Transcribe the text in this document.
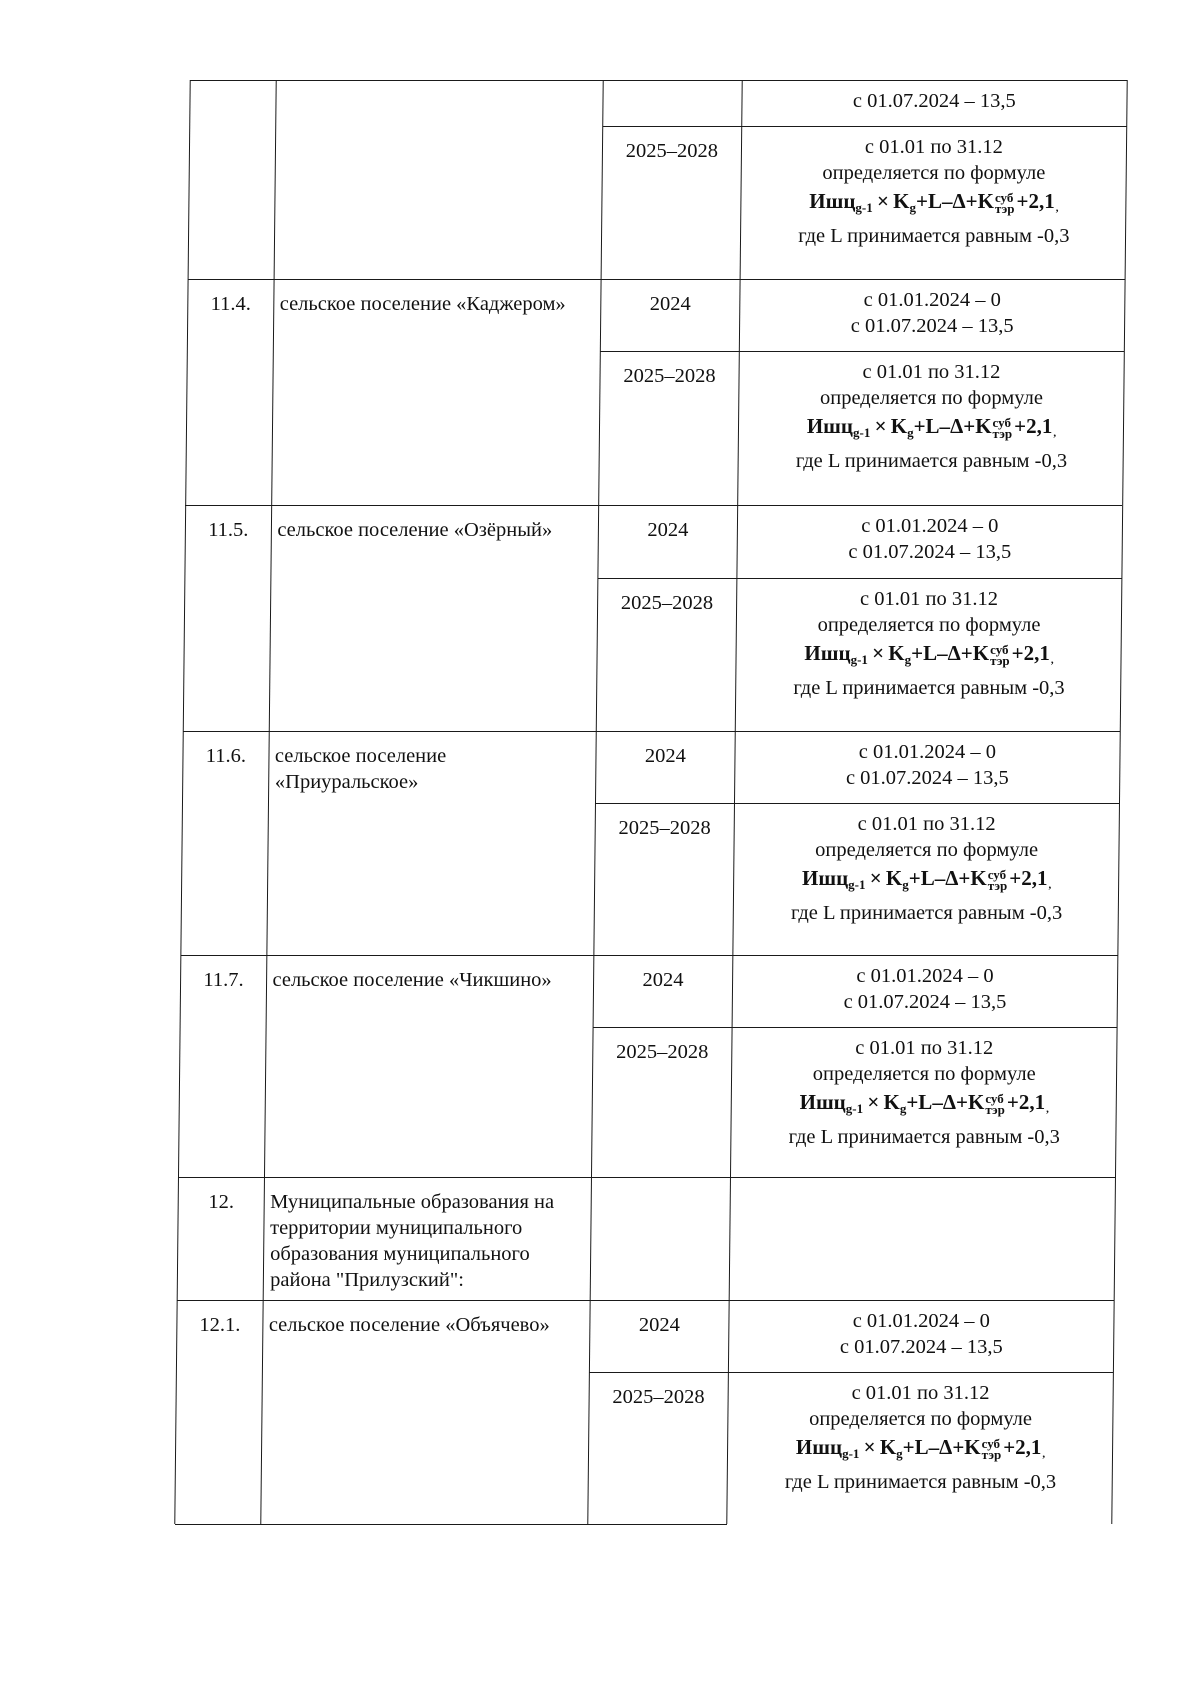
с 01.07.2024 – 13,5
2025–2028	с 01.01 по 31.12
определяется по формуле
$Ишц_{g-1} \times K_g+L-\Delta+K$ суб
тэр +2,1,
где L принимается равным -0,3
11.4.	сельское поселение «Каджером»	2024	с 01.01.2024 – 0
с 01.07.2024 – 13,5
2025–2028	с 01.01 по 31.12
определяется по формуле
$Ишц_{g-1} \times K_g+L-\Delta+K$ суб
тэр +2,1,
где L принимается равным -0,3
11.5.	сельское поселение «Озёрный»	2024	с 01.01.2024 – 0
с 01.07.2024 – 13,5
2025–2028	с 01.01 по 31.12
определяется по формуле
$Ишц_{g-1} \times K_g+L-\Delta+K$ суб
тэр +2,1,
где L принимается равным -0,3
11.6.	сельское поселение «Приуральское»
2024	с 01.01.2024 – 0
с 01.07.2024 – 13,5
2025–2028	с 01.01 по 31.12
определяется по формуле
$Ишц_{g-1} \times K_g+L-\Delta+K$ суб
тэр +2,1,
где L принимается равным -0,3
11.7.	сельское поселение «Чикшино»	2024	с 01.01.2024 – 0
с 01.07.2024 – 13,5
2025–2028	с 01.01 по 31.12
определяется по формуле
$Ишц_{g-1} \times K_g+L-\Delta+K$ суб
тэр +2,1,
где L принимается равным -0,3
12.	Муниципальные образования на территории муниципального образования муниципального района "Прилузский":
12.1.	сельское поселение «Объячево»	2024	с 01.01.2024 – 0
с 01.07.2024 – 13,5
2025–2028	с 01.01 по 31.12
определяется по формуле
$Ишц_{g-1} \times K_g+L-\Delta+K$ суб
тэр +2,1,
где L принимается равным -0,3
